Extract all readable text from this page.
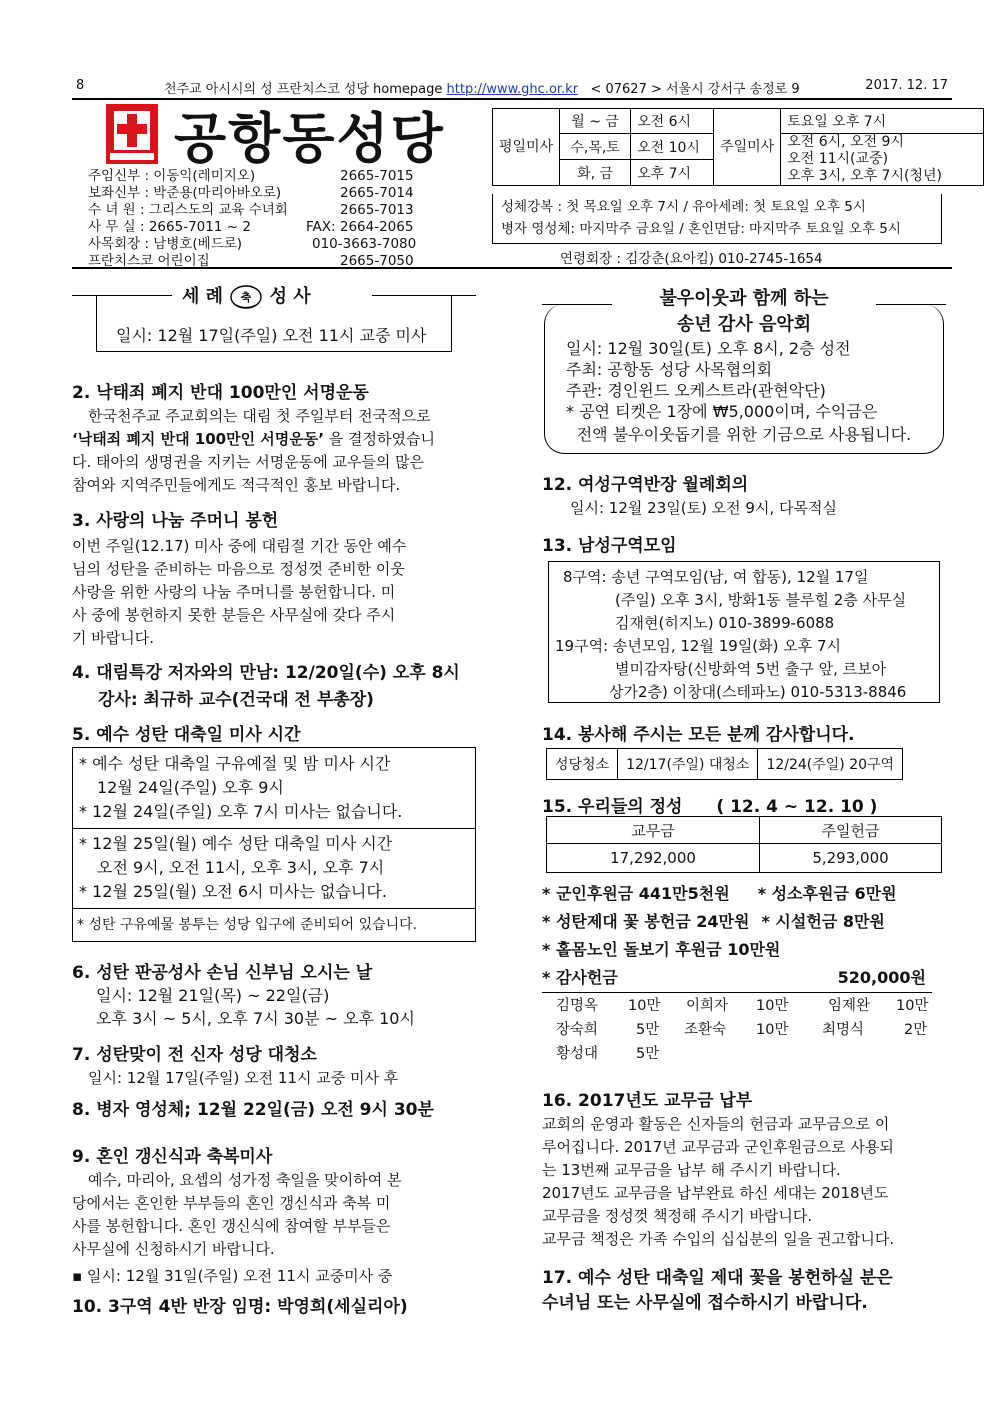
8	천주교 아시시의 성 프란치스코 성당 homepage http://www.ghc.or.kr < 07627 > 서울시 강서구 송정로 9	2017. 12. 17
공항동성당
주임신부 : 이동익(레미지오)	2665-7015
보좌신부 : 박준용(마리아바오로)	2665-7014
수 녀 원 : 그리스도의 교육 수녀회	2665-7013
사 무 실 : 2665-7011 ~ 2	FAX: 2664-2065
사목회장 : 남병호(베드로)	010-3663-7080
프란치스코 어린이집	2665-7050
평일미사	월 ~ 금	오전 6시	주일미사	토요일 오후 7시
	수,목,토	오전 10시		오전 6시, 오전 9시
오전 11시(교중)
오후 3시, 오후 7시(청년)

	화, 금	오후 7시		
성체강복 : 첫 목요일 오후 7시 / 유아세례: 첫 토요일 오후 5시
병자 영성체: 마지막주 금요일 / 혼인면담: 마지막주 토요일 오후 5시
연령회장 : 김강춘(요아킴) 010-2745-1654
세 례 축 성 사
일시: 12월 17일(주일) 오전 11시 교중 미사
2. 낙태죄 폐지 반대 100만인 서명운동
한국천주교 주교회의는 대림 첫 주일부터 전국적으로
‘낙태죄 폐지 반대 100만인 서명운동’ 을 결정하였습니
다. 태아의 생명권을 지키는 서명운동에 교우들의 많은
참여와 지역주민들에게도 적극적인 홍보 바랍니다.
3. 사랑의 나눔 주머니 봉헌
이번 주일(12.17) 미사 중에 대림절 기간 동안 예수
님의 성탄을 준비하는 마음으로 정성껏 준비한 이웃
사랑을 위한 사랑의 나눔 주머니를 봉헌합니다. 미
사 중에 봉헌하지 못한 분들은 사무실에 갖다 주시
기 바랍니다.
4. 대림특강 저자와의 만남: 12/20일(수) 오후 8시
강사: 최규하 교수(건국대 전 부총장)
5. 예수 성탄 대축일 미사 시간
* 예수 성탄 대축일 구유예절 및 밤 미사 시간
12월 24일(주일) 오후 9시
* 12월 24일(주일) 오후 7시 미사는 없습니다.
* 12월 25일(월) 예수 성탄 대축일 미사 시간
오전 9시, 오전 11시, 오후 3시, 오후 7시
* 12월 25일(월) 오전 6시 미사는 없습니다.
* 성탄 구유예물 봉투는 성당 입구에 준비되어 있습니다.
6. 성탄 판공성사 손님 신부님 오시는 날
일시: 12월 21일(목) ~ 22일(금)
오후 3시 ~ 5시, 오후 7시 30분 ~ 오후 10시
7. 성탄맞이 전 신자 성당 대청소
일시: 12월 17일(주일) 오전 11시 교중 미사 후
8. 병자 영성체; 12월 22일(금) 오전 9시 30분
9. 혼인 갱신식과 축복미사
예수, 마리아, 요셉의 성가정 축일을 맞이하여 본
당에서는 혼인한 부부들의 혼인 갱신식과 축복 미
사를 봉헌합니다. 혼인 갱신식에 참여할 부부들은
사무실에 신청하시기 바랍니다.
▪ 일시: 12월 31일(주일) 오전 11시 교중미사 중
10. 3구역 4반 반장 임명: 박영희(세실리아)
불우이웃과 함께 하는
송년 감사 음악회
일시: 12월 30일(토) 오후 8시, 2층 성전
주최: 공항동 성당 사목협의회
주관: 경인윈드 오케스트라(관현악단)
* 공연 티켓은 1장에 ₩5,000이며, 수익금은
전액 불우이웃돕기를 위한 기금으로 사용됩니다.
12. 여성구역반장 월례회의
일시: 12월 23일(토) 오전 9시, 다목적실
13. 남성구역모임
8구역: 송년 구역모임(남, 여 합동), 12월 17일
(주일) 오후 3시, 방화1동 블루힐 2층 사무실
김재현(히지노) 010-3899-6088
19구역: 송년모임, 12월 19일(화) 오후 7시
별미감자탕(신방화역 5번 출구 앞, 르보아
상가2층) 이창대(스테파노) 010-5313-8846
14. 봉사해 주시는 모든 분께 감사합니다.
성당청소	12/17(주일) 대청소	12/24(주일) 20구역
15. 우리들의 정성 ( 12. 4 ~ 12. 10 )
교무금	주일헌금
17,292,000	5,293,000
* 군인후원금 441만5천원 * 성소후원금 6만원
* 성탄제대 꽃 봉헌금 24만원 * 시설헌금 8만원
* 홀몸노인 돌보기 후원금 10만원
* 감사헌금	520,000원
김명옥 10만 이희자 10만	임제완 10만
장숙희	5만 조환숙 10만 최명식	2만
황성대	5만
16. 2017년도 교무금 납부
교회의 운영과 활동은 신자들의 헌금과 교무금으로 이
루어집니다. 2017년 교무금과 군인후원금으로 사용되
는 13번째 교무금을 납부 해 주시기 바랍니다.
2017년도 교무금을 납부완료 하신 세대는 2018년도
교무금을 정성껏 책정해 주시기 바랍니다.
교무금 책정은 가족 수입의 십십분의 일을 권고합니다.
17. 예수 성탄 대축일 제대 꽃을 봉헌하실 분은
수녀님 또는 사무실에 접수하시기 바랍니다.
